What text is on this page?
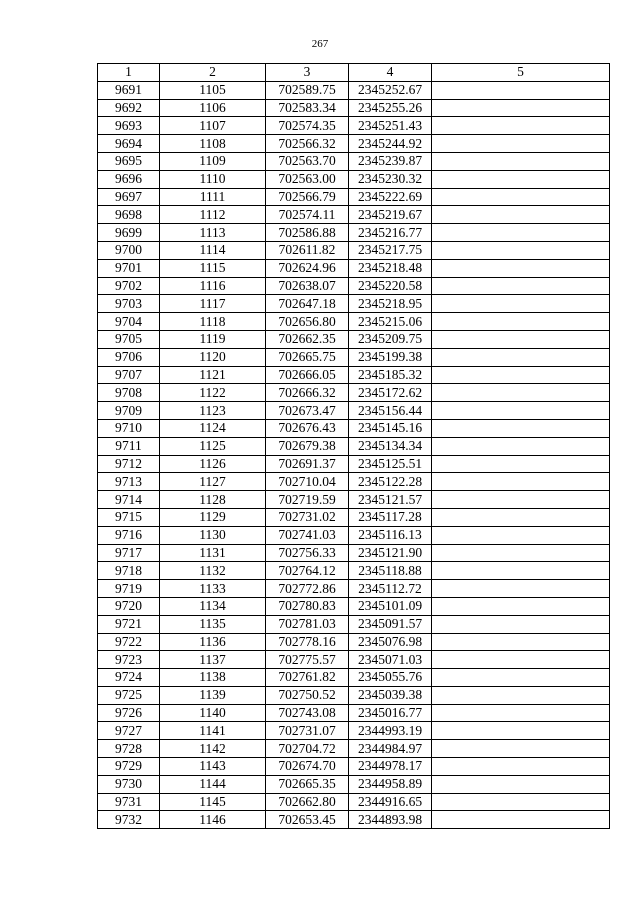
267
1	2	3	4	5
9691	1105	702589.75	2345252.67	
9692	1106	702583.34	2345255.26	
9693	1107	702574.35	2345251.43	
9694	1108	702566.32	2345244.92	
9695	1109	702563.70	2345239.87	
9696	1110	702563.00	2345230.32	
9697	1111	702566.79	2345222.69	
9698	1112	702574.11	2345219.67	
9699	1113	702586.88	2345216.77	
9700	1114	702611.82	2345217.75	
9701	1115	702624.96	2345218.48	
9702	1116	702638.07	2345220.58	
9703	1117	702647.18	2345218.95	
9704	1118	702656.80	2345215.06	
9705	1119	702662.35	2345209.75	
9706	1120	702665.75	2345199.38	
9707	1121	702666.05	2345185.32	
9708	1122	702666.32	2345172.62	
9709	1123	702673.47	2345156.44	
9710	1124	702676.43	2345145.16	
9711	1125	702679.38	2345134.34	
9712	1126	702691.37	2345125.51	
9713	1127	702710.04	2345122.28	
9714	1128	702719.59	2345121.57	
9715	1129	702731.02	2345117.28	
9716	1130	702741.03	2345116.13	
9717	1131	702756.33	2345121.90	
9718	1132	702764.12	2345118.88	
9719	1133	702772.86	2345112.72	
9720	1134	702780.83	2345101.09	
9721	1135	702781.03	2345091.57	
9722	1136	702778.16	2345076.98	
9723	1137	702775.57	2345071.03	
9724	1138	702761.82	2345055.76	
9725	1139	702750.52	2345039.38	
9726	1140	702743.08	2345016.77	
9727	1141	702731.07	2344993.19	
9728	1142	702704.72	2344984.97	
9729	1143	702674.70	2344978.17	
9730	1144	702665.35	2344958.89	
9731	1145	702662.80	2344916.65	
9732	1146	702653.45	2344893.98	
